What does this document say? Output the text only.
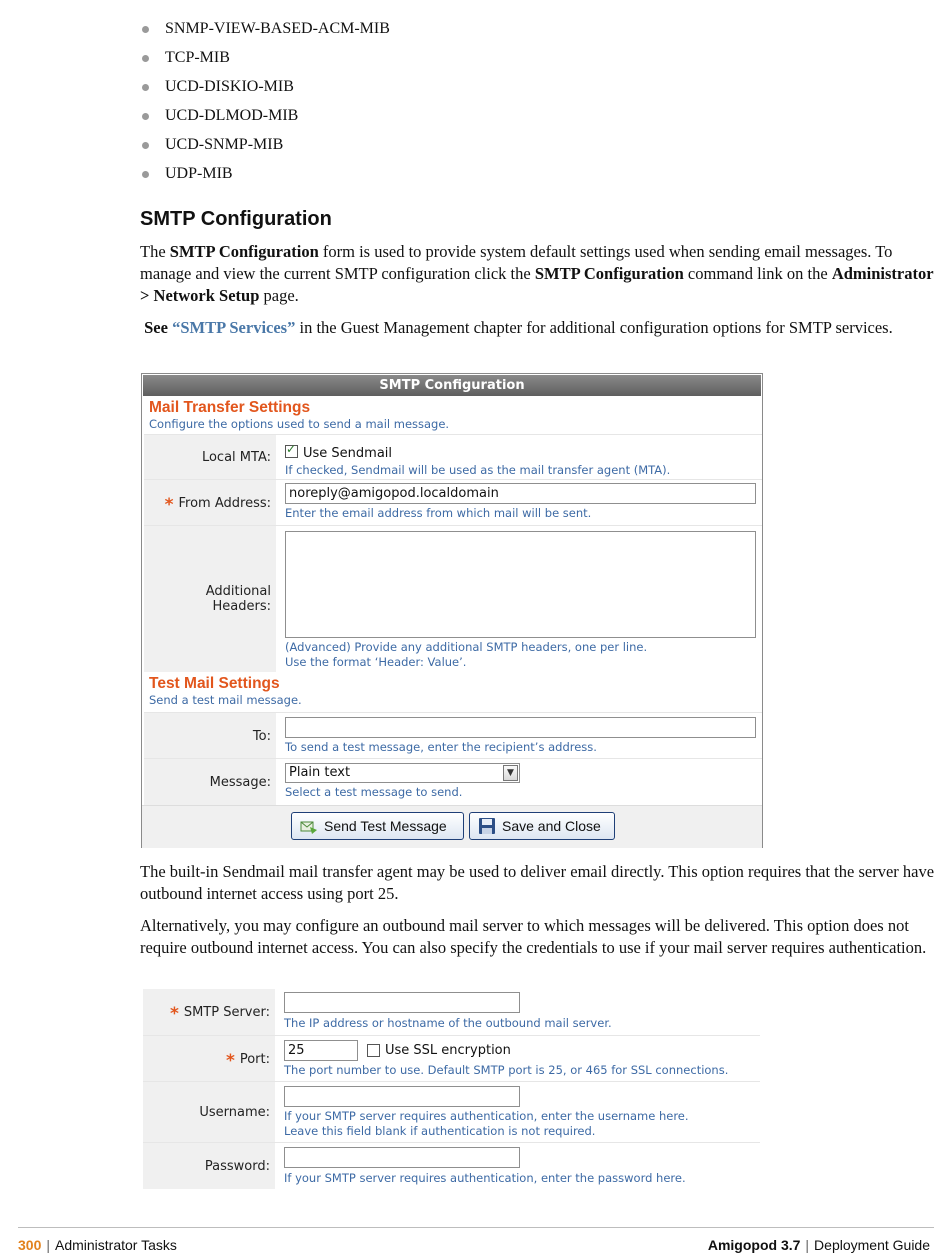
SNMP-VIEW-BASED-ACM-MIB
TCP-MIB
UCD-DISKIO-MIB
UCD-DLMOD-MIB
UCD-SNMP-MIB
UDP-MIB
SMTP Configuration

The SMTP Configuration form is used to provide system default settings used when sending email messages. To manage and view the current SMTP configuration click the SMTP Configuration command link on the Administrator > Network Setup page.

See “SMTP Services” in the Guest Management chapter for additional configuration options for SMTP services.

SMTP Configuration
Mail Transfer Settings
Configure the options used to send a mail message.
Local MTA:
✓	Use Sendmail
If checked, Sendmail will be used as the mail transfer agent (MTA).
* From Address:
noreply@amigopod.localdomain
Enter the email address from which mail will be sent.
Additional Headers:
(Advanced) Provide any additional SMTP headers, one per line.
Use the format ‘Header: Value’.
Test Mail Settings
Send a test mail message.
To:
To send a test message, enter the recipient’s address.
Message:
Plain text	▼
Select a test message to send.
Send Test Message	Save and Close

The built-in Sendmail mail transfer agent may be used to deliver email directly. This option requires that the server have outbound internet access using port 25.

Alternatively, you may configure an outbound mail server to which messages will be delivered. This option does not require outbound internet access. You can also specify the credentials to use if your mail server requires authentication.

* SMTP Server:
The IP address or hostname of the outbound mail server.
* Port:
25	Use SSL encryption
The port number to use. Default SMTP port is 25, or 465 for SSL connections.
Username:	If your SMTP server requires authentication, enter the username here.
Leave this field blank if authentication is not required.
Password:
If your SMTP server requires authentication, enter the password here.
300 | Administrator Tasks	Amigopod 3.7 | Deployment Guide
